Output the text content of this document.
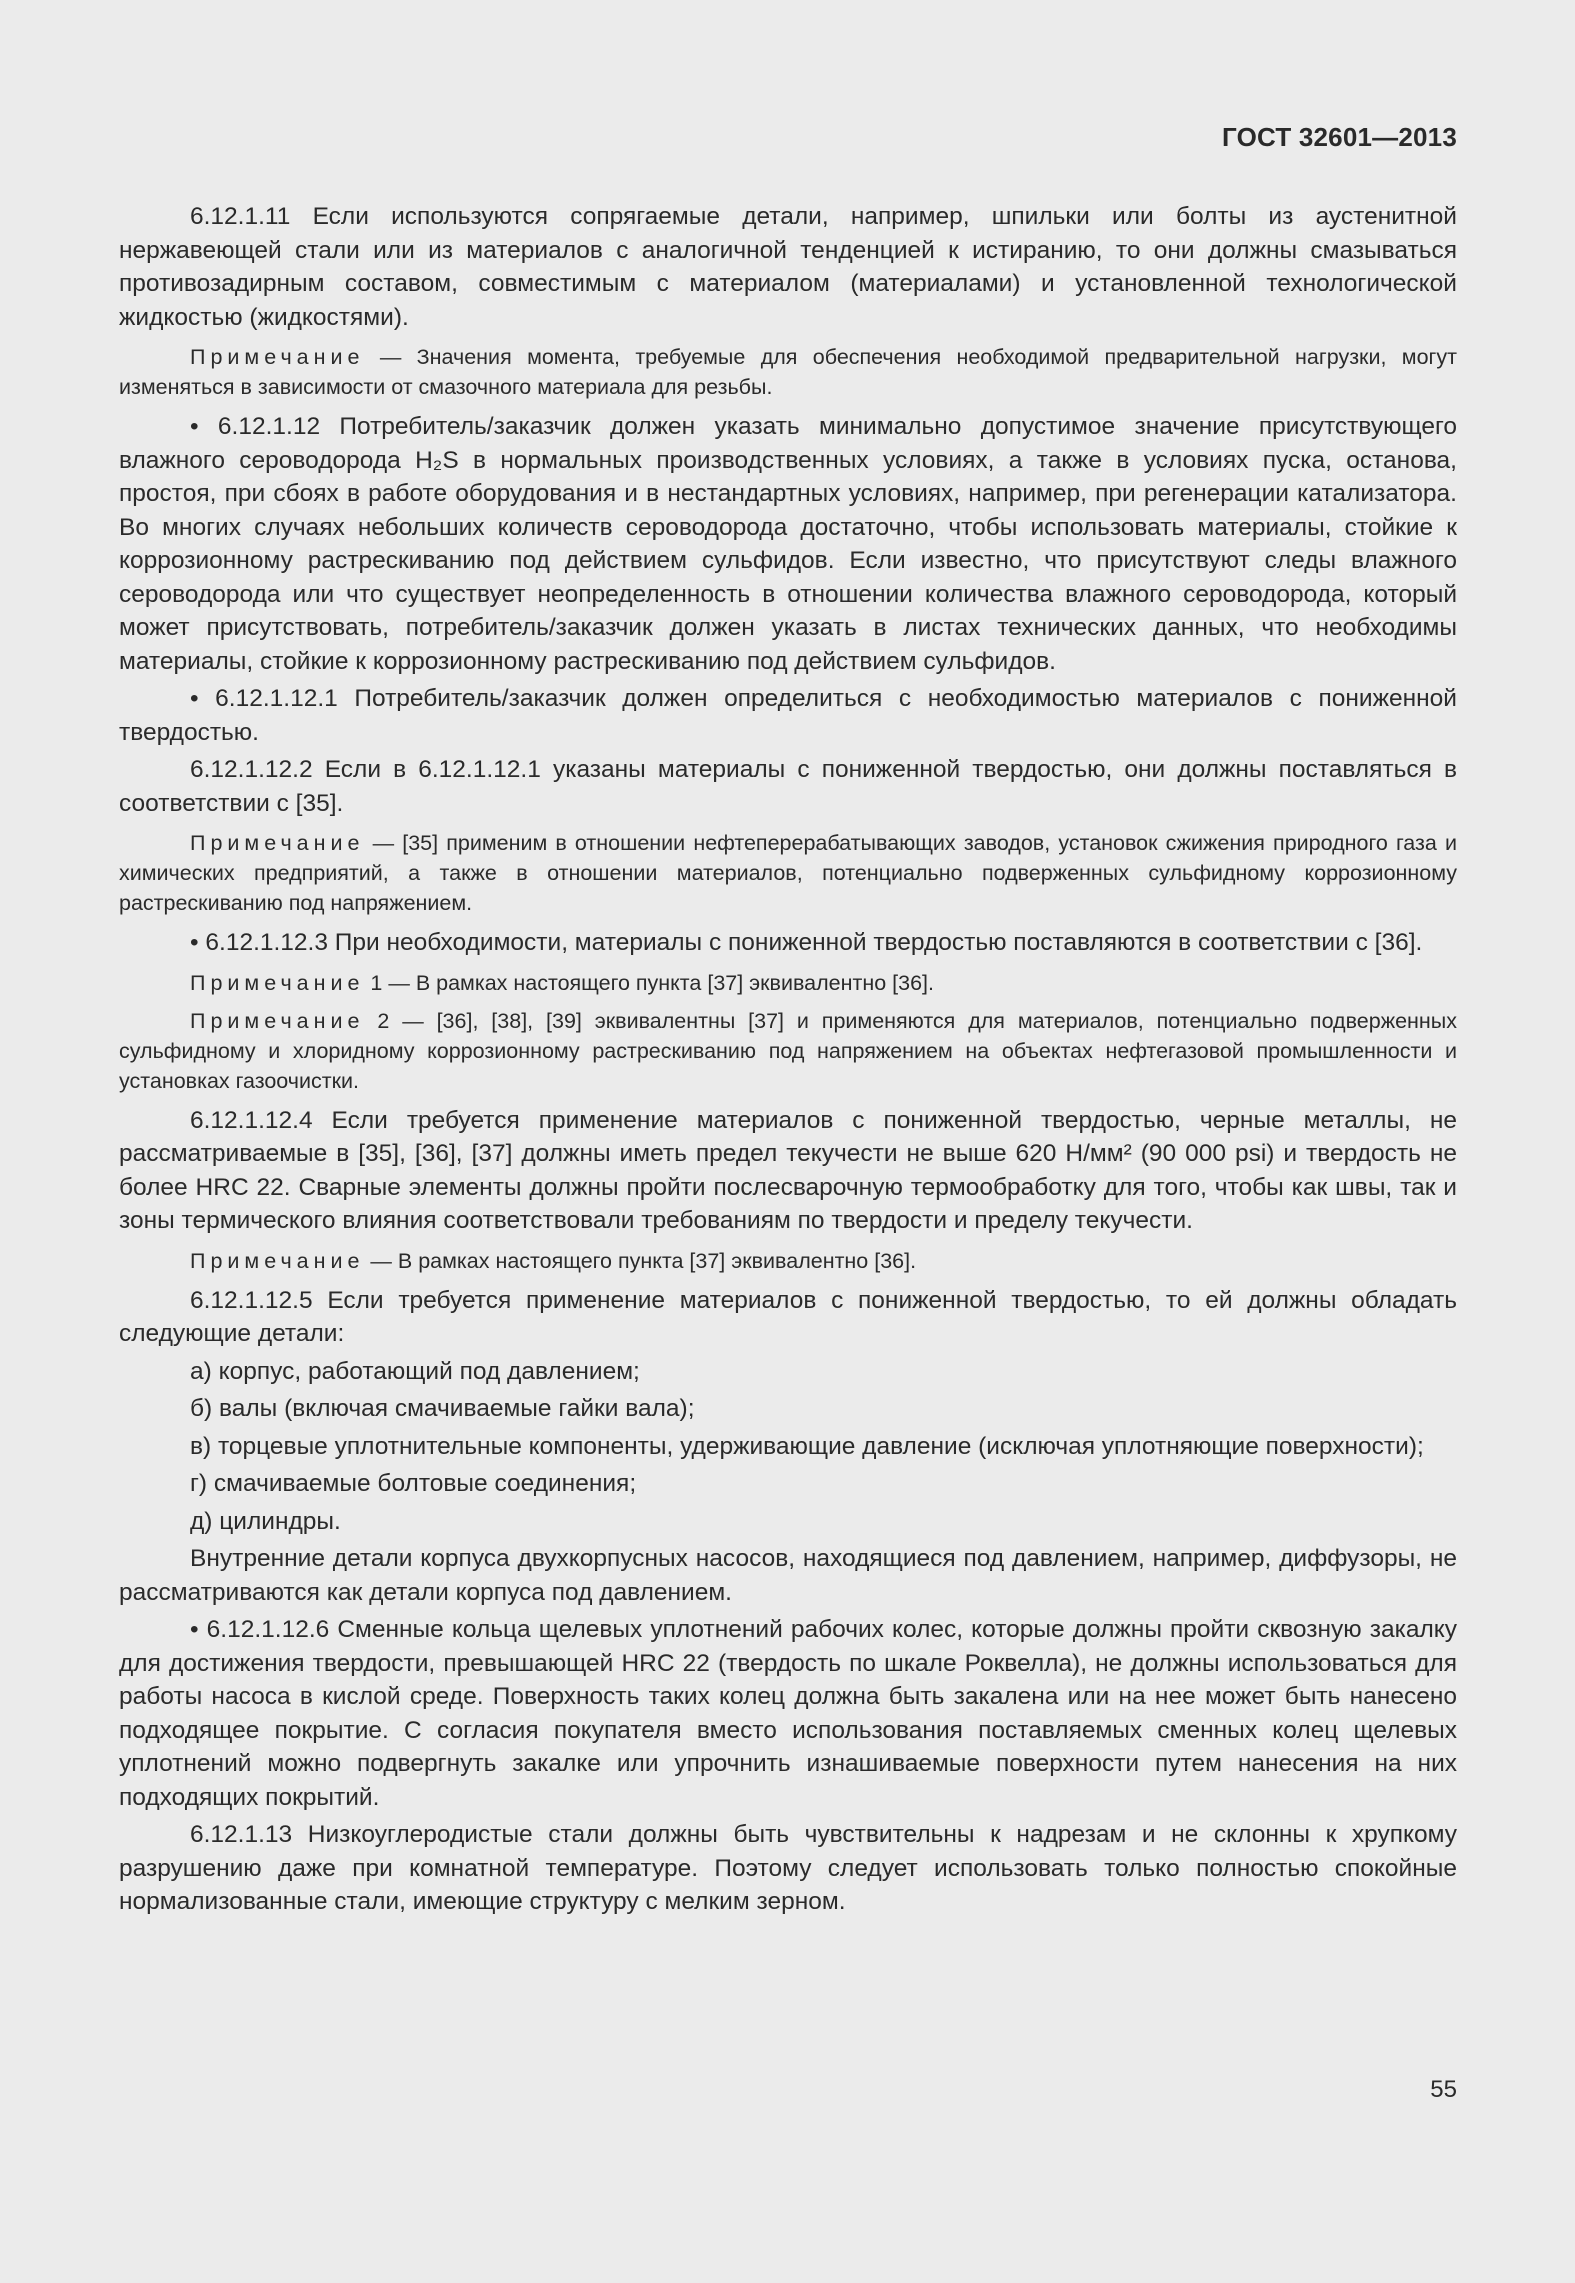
ГОСТ 32601—2013

6.12.1.11 Если используются сопрягаемые детали, например, шпильки или болты из аустенитной нержавеющей стали или из материалов с аналогичной тенденцией к истиранию, то они должны смазываться противозадирным составом, совместимым с материалом (материалами) и установленной технологической жидкостью (жидкостями).

Примечание — Значения момента, требуемые для обеспечения необходимой предварительной нагрузки, могут изменяться в зависимости от смазочного материала для резьбы.

• 6.12.1.12 Потребитель/заказчик должен указать минимально допустимое значение присутствующего влажного сероводорода H₂S в нормальных производственных условиях, а также в условиях пуска, останова, простоя, при сбоях в работе оборудования и в нестандартных условиях, например, при регенерации катализатора. Во многих случаях небольших количеств сероводорода достаточно, чтобы использовать материалы, стойкие к коррозионному растрескиванию под действием сульфидов. Если известно, что присутствуют следы влажного сероводорода или что существует неопределенность в отношении количества влажного сероводорода, который может присутствовать, потребитель/заказчик должен указать в листах технических данных, что необходимы материалы, стойкие к коррозионному растрескиванию под действием сульфидов.

• 6.12.1.12.1 Потребитель/заказчик должен определиться с необходимостью материалов с пониженной твердостью.

6.12.1.12.2 Если в 6.12.1.12.1 указаны материалы с пониженной твердостью, они должны поставляться в соответствии с [35].

Примечание — [35] применим в отношении нефтеперерабатывающих заводов, установок сжижения природного газа и химических предприятий, а также в отношении материалов, потенциально подверженных сульфидному коррозионному растрескиванию под напряжением.

• 6.12.1.12.3 При необходимости, материалы с пониженной твердостью поставляются в соответствии с [36].

Примечание 1 — В рамках настоящего пункта [37] эквивалентно [36].

Примечание 2 — [36], [38], [39] эквивалентны [37] и применяются для материалов, потенциально подверженных сульфидному и хлоридному коррозионному растрескиванию под напряжением на объектах нефтегазовой промышленности и установках газоочистки.

6.12.1.12.4 Если требуется применение материалов с пониженной твердостью, черные металлы, не рассматриваемые в [35], [36], [37] должны иметь предел текучести не выше 620 Н/мм² (90 000 psi) и твердость не более HRC 22. Сварные элементы должны пройти послесварочную термообработку для того, чтобы как швы, так и зоны термического влияния соответствовали требованиям по твердости и пределу текучести.

Примечание — В рамках настоящего пункта [37] эквивалентно [36].

6.12.1.12.5 Если требуется применение материалов с пониженной твердостью, то ей должны обладать следующие детали:

а) корпус, работающий под давлением;

б) валы (включая смачиваемые гайки вала);

в) торцевые уплотнительные компоненты, удерживающие давление (исключая уплотняющие поверхности);

г) смачиваемые болтовые соединения;

д) цилиндры.

Внутренние детали корпуса двухкорпусных насосов, находящиеся под давлением, например, диффузоры, не рассматриваются как детали корпуса под давлением.

• 6.12.1.12.6 Сменные кольца щелевых уплотнений рабочих колес, которые должны пройти сквозную закалку для достижения твердости, превышающей HRC 22 (твердость по шкале Роквелла), не должны использоваться для работы насоса в кислой среде. Поверхность таких колец должна быть закалена или на нее может быть нанесено подходящее покрытие. С согласия покупателя вместо использования поставляемых сменных колец щелевых уплотнений можно подвергнуть закалке или упрочнить изнашиваемые поверхности путем нанесения на них подходящих покрытий.

6.12.1.13 Низкоуглеродистые стали должны быть чувствительны к надрезам и не склонны к хрупкому разрушению даже при комнатной температуре. Поэтому следует использовать только полностью спокойные нормализованные стали, имеющие структуру с мелким зерном.

55
